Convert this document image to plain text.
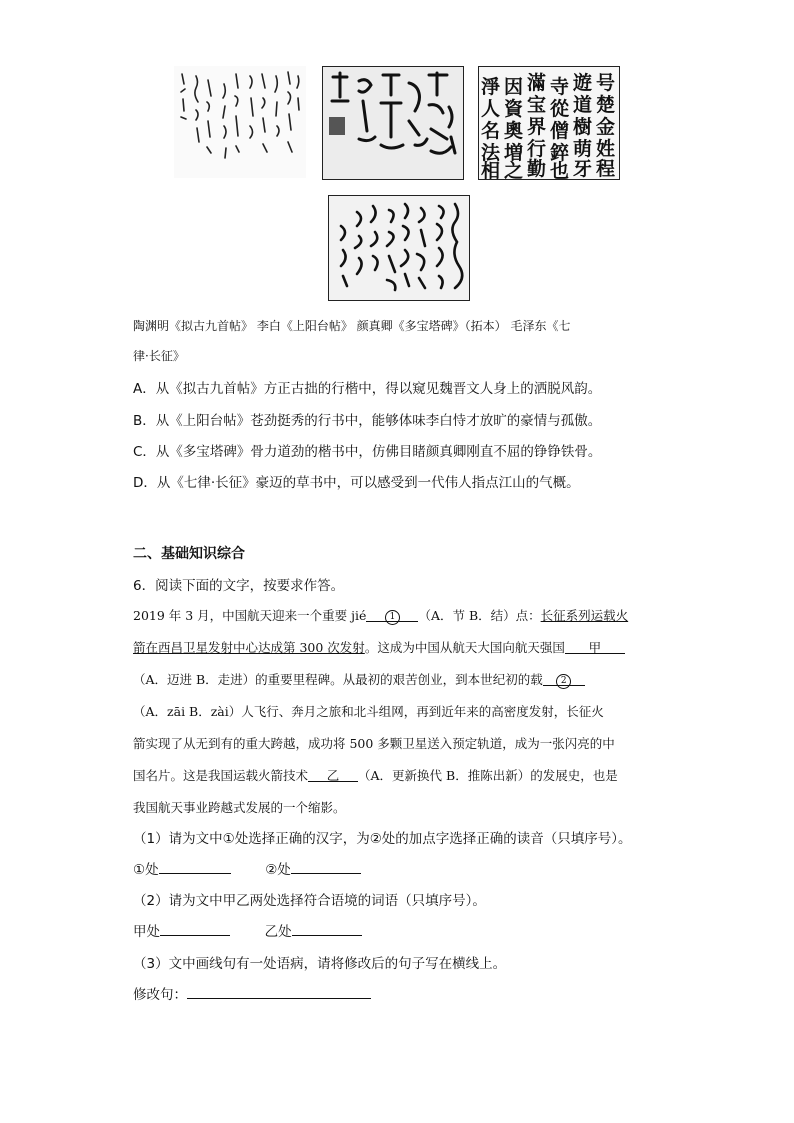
号
楚
金
姓
程
遊
道
樹
萌
牙
寺
從
僧
錊
也
滿
宝
界
行
勤
因
資
奧
増
之
淨
人
名
法
相
陶渊明《拟古九首帖》 李白《上阳台帖》 颜真卿《多宝塔碑》（拓本） 毛泽东《七
律·长征》
A．从《拟古九首帖》方正古拙的行楷中，得以窥见魏晋文人身上的洒脱风韵。
B．从《上阳台帖》苍劲挺秀的行书中，能够体味李白恃才放旷的豪情与孤傲。
C．从《多宝塔碑》骨力道劲的楷书中，仿佛目睹颜真卿刚直不屈的铮铮铁骨。
D．从《七律·长征》豪迈的草书中，可以感受到一代伟人指点江山的气概。
二、基础知识综合
6．阅读下面的文字，按要求作答。
2019 年 3 月，中国航天迎来一个重要 jié	1 （A．节 B．结）点：长征系列运载火
箭在西昌卫星发射中心达成第 300 次发射。这成为中国从航天大国向航天强国 甲
（A．迈进 B．走进）的重要里程碑。从最初的艰苦创业，到本世纪初的载 2
（A．zāi B．zài）人飞行、奔月之旅和北斗组网，再到近年来的高密度发射，长征火
箭实现了从无到有的重大跨越，成功将 500 多颗卫星送入预定轨道，成为一张闪亮的中
国名片。这是我国运载火箭技术 乙 （A．更新换代 B．推陈出新）的发展史，也是
我国航天事业跨越式发展的一个缩影。
（1）请为文中①处选择正确的汉字，为②处的加点字选择正确的读音（只填序号）。
①处	②处
（2）请为文中甲乙两处选择符合语境的词语（只填序号）。
甲处	乙处
（3）文中画线句有一处语病，请将修改后的句子写在横线上。
修改句：
